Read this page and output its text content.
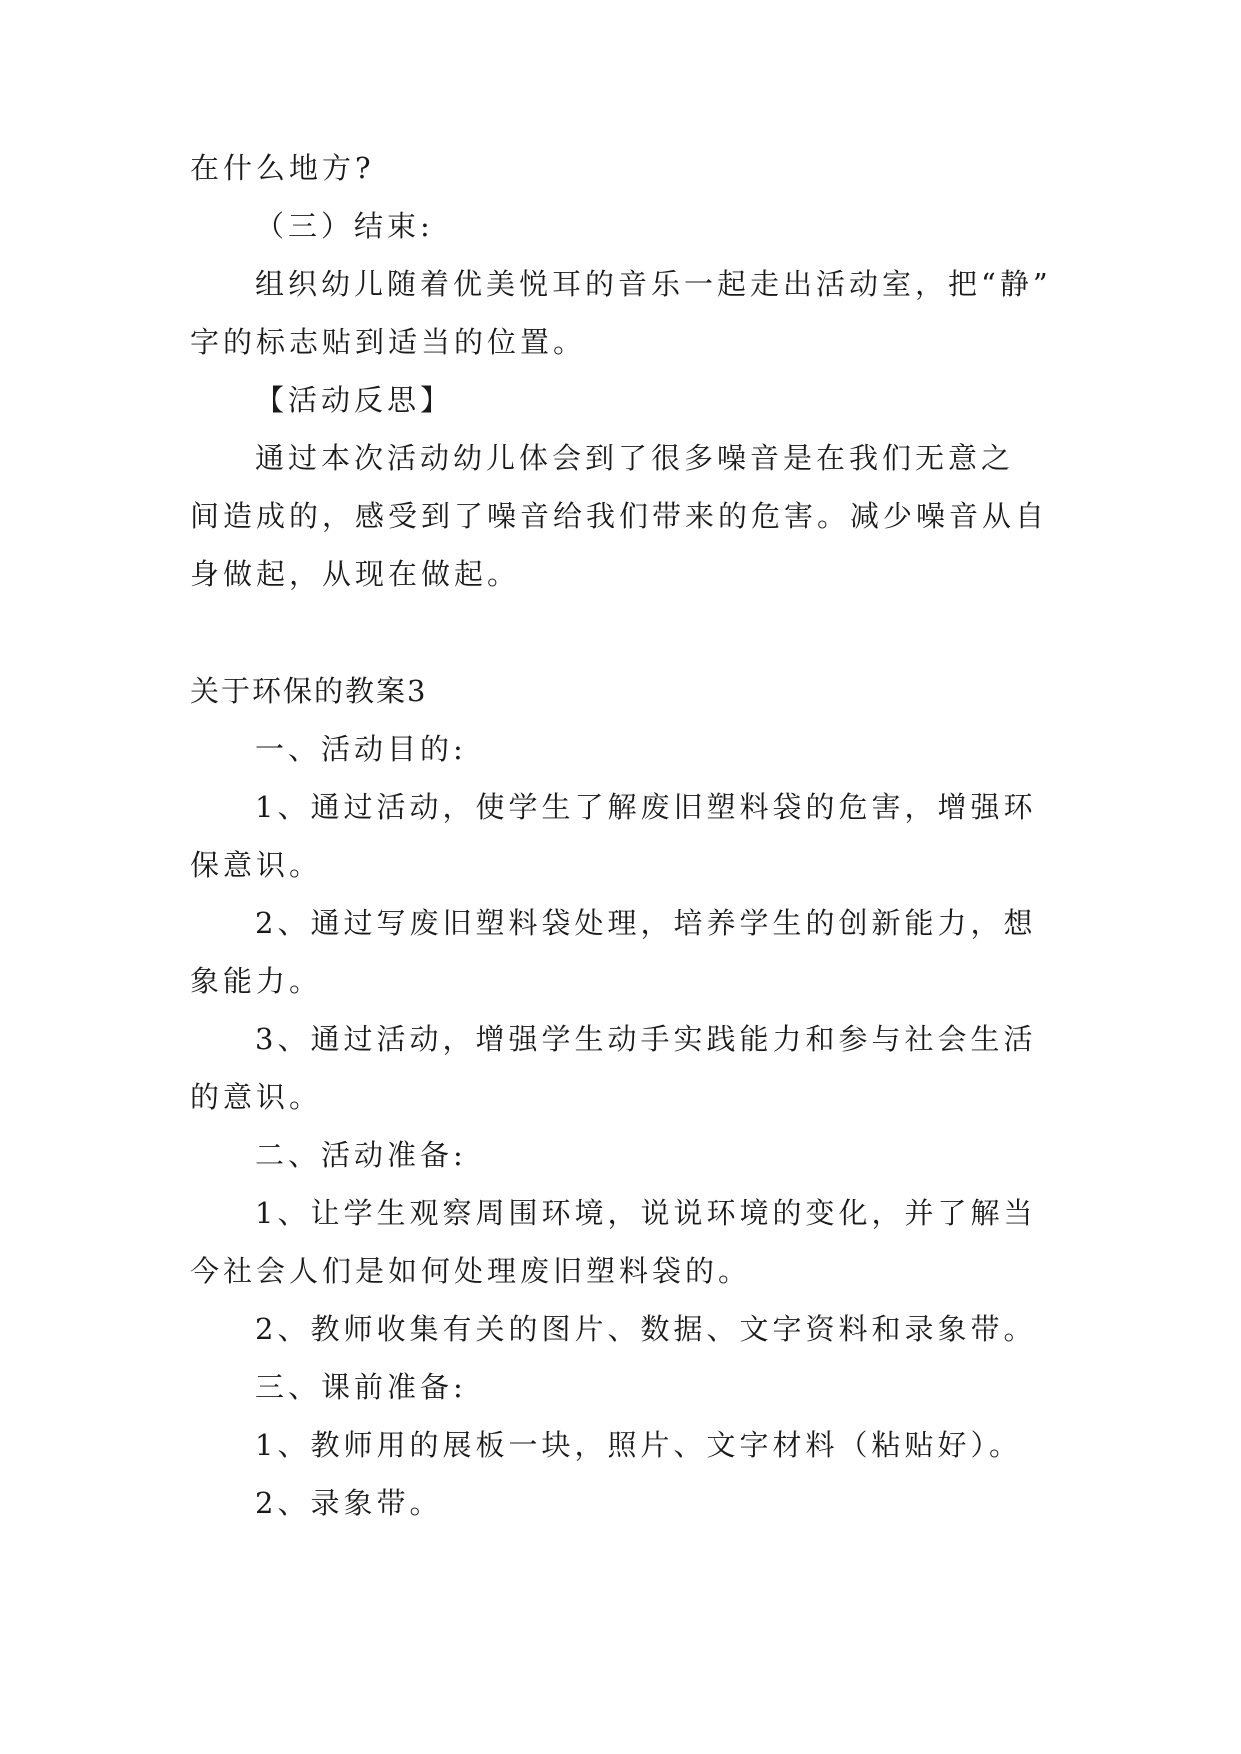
在什么地方?
（三）结束:
组织幼儿随着优美悦耳的音乐一起走出活动室，把“静”
字的标志贴到适当的位置。
【活动反思】
通过本次活动幼儿体会到了很多噪音是在我们无意之
间造成的，感受到了噪音给我们带来的危害。减少噪音从自
身做起，从现在做起。
关于环保的教案3
一、活动目的:
1、通过活动，使学生了解废旧塑料袋的危害，增强环
保意识。
2、通过写废旧塑料袋处理，培养学生的创新能力，想
象能力。
3、通过活动，增强学生动手实践能力和参与社会生活
的意识。
二、活动准备:
1、让学生观察周围环境，说说环境的变化，并了解当
今社会人们是如何处理废旧塑料袋的。
2、教师收集有关的图片、数据、文字资料和录象带。
三、课前准备:
1、教师用的展板一块，照片、文字材料（粘贴好）。
2、录象带。
